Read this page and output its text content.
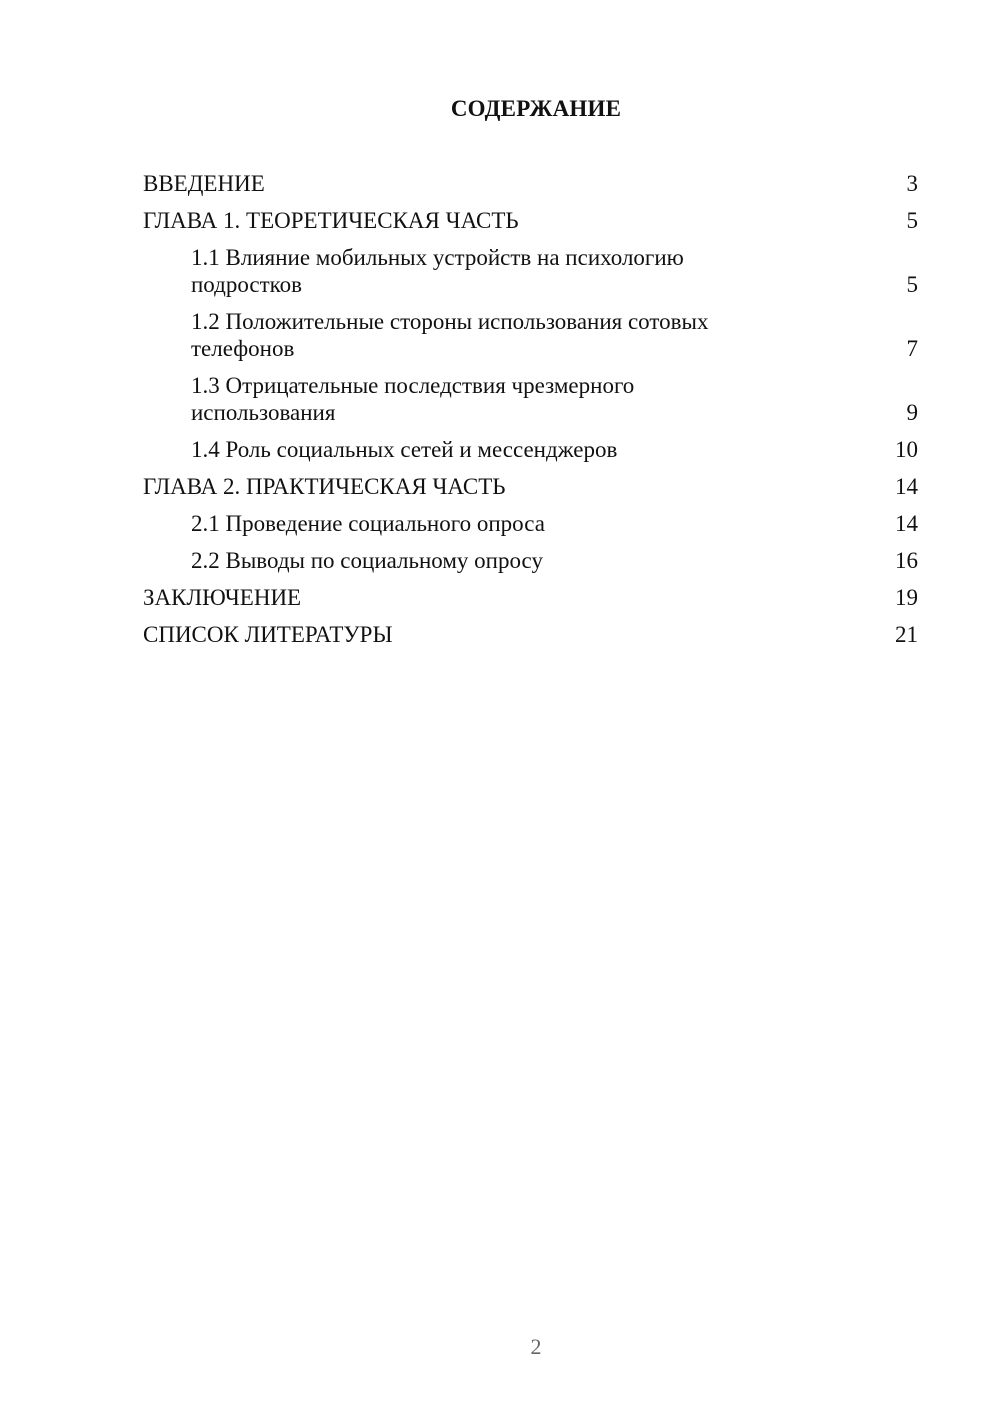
СОДЕРЖАНИЕ
ВВЕДЕНИЕ	3
ГЛАВА 1. ТЕОРЕТИЧЕСКАЯ ЧАСТЬ	5
1.1 Влияние мобильных устройств на психологию подростков	5
1.2 Положительные стороны использования сотовых телефонов	7
1.3 Отрицательные последствия чрезмерного использования	9
1.4 Роль социальных сетей и мессенджеров	10
ГЛАВА 2. ПРАКТИЧЕСКАЯ ЧАСТЬ	14
2.1 Проведение социального опроса	14
2.2 Выводы по социальному опросу	16
ЗАКЛЮЧЕНИЕ	19
СПИСОК ЛИТЕРАТУРЫ	21
2
